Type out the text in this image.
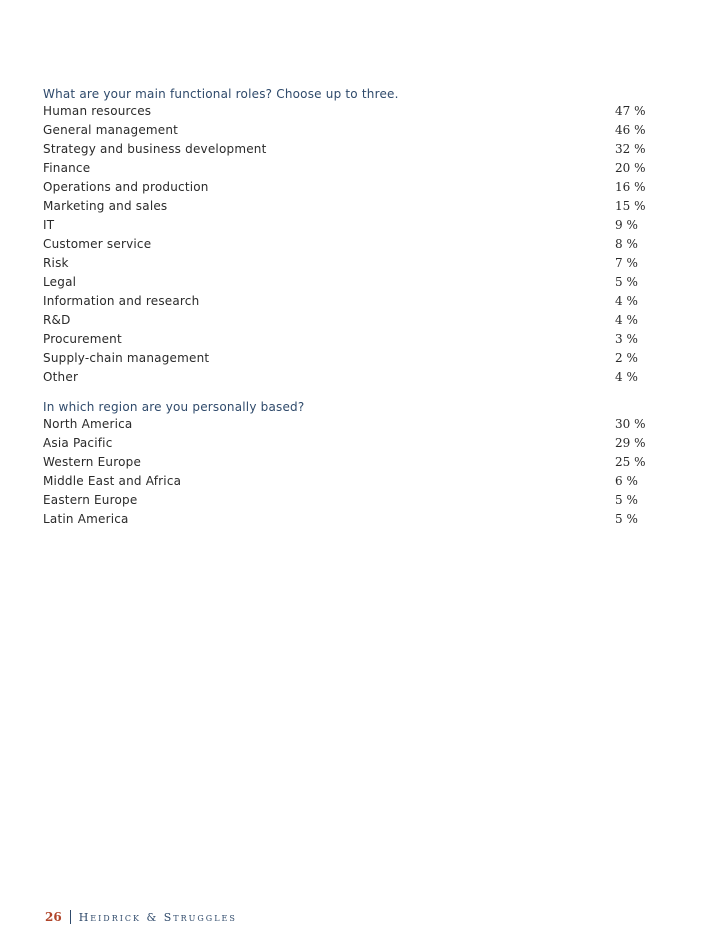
What are your main functional roles? Choose up to three.
Human resources	47 %
General management	46 %
Strategy and business development	32 %
Finance	20 %
Operations and production	16 %
Marketing and sales	15 %
IT	9 %
Customer service	8 %
Risk	7 %
Legal	5 %
Information and research	4 %
R&D	4 %
Procurement	3 %
Supply-chain management	2 %
Other	4 %
In which region are you personally based?
North America	30 %
Asia Pacific	29 %
Western Europe	25 %
Middle East and Africa	6 %
Eastern Europe	5 %
Latin America	5 %
26 Heidrick & Struggles
